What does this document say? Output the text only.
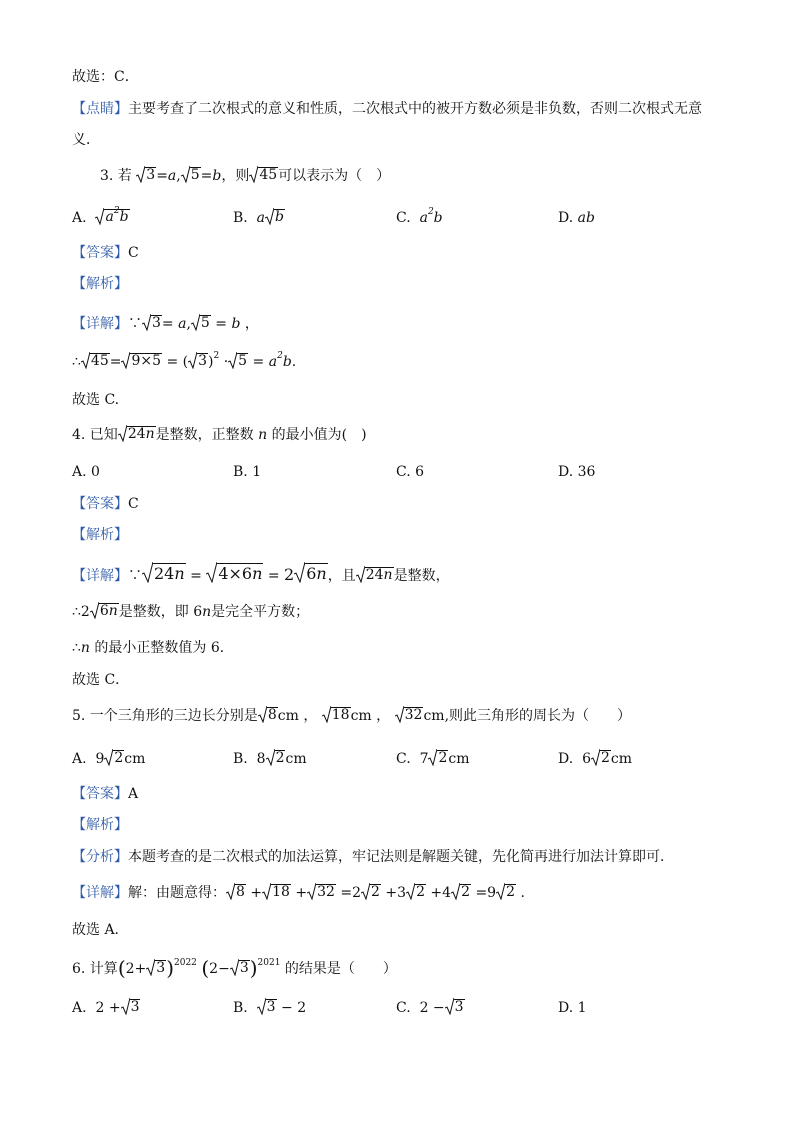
故选：C．
【点睛】主要考查了二次根式的意义和性质，二次根式中的被开方数必须是非负数，否则二次根式无意
义．
3. 若 3 =a, 5 =b，则 45 可以表示为（　）
A. $a^2b$	B. a b	C. $a^2b$	D. ab
【答案】C
【解析】
【详解】∵ 3 = a, 5 = b ，
∴ 45 = 9×5 = ( 3 )$^2 \cdot 5 = a^2b$.
故选 C.
4. 已知 24n 是整数，正整数 n 的最小值为(　)
A. 0	B. 1	C. 6	D. 36
【答案】C
【解析】
【详解】∵ 24n = 4×6n = 2 6n ，且 24n 是整数，
∴2 6n 是整数，即 6n是完全平方数；
∴n 的最小正整数值为 6．
故选 C．
5. 一个三角形的三边长分别是 8 cm ， 18 cm ， 32 cm,则此三角形的周长为（　　）
A.  9 2 cm	B.  8 2 cm	C.  7 2 cm	D.  6 2 cm
【答案】A
【解析】
【分析】本题考查的是二次根式的加法运算，牢记法则是解题关键，先化简再进行加法计算即可．
【详解】解：由题意得： 8 + 18 + 32 =2 2 +3 2 +4 2 =9 2 .
故选 A．
6. 计算(2+ 3 )$^{2022}$ (2− 3 )$^{2021}$ 的结果是（　　）
A.  2 + 3	B. 3 − 2	C.  2 − 3	D. 1
